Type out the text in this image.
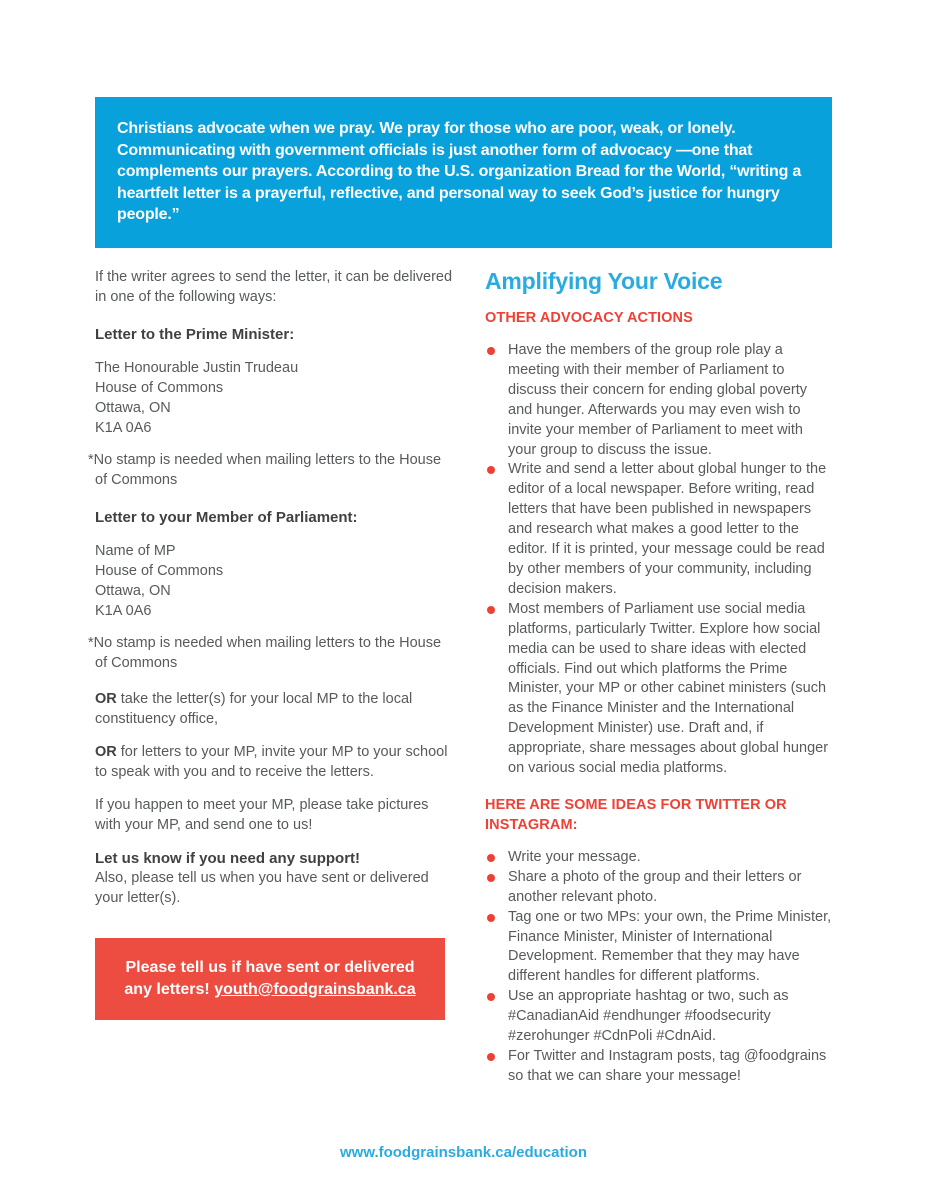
Christians advocate when we pray. We pray for those who are poor, weak, or lonely. Communicating with government officials is just another form of advocacy —one that complements our prayers. According to the U.S. organization Bread for the World, “writing a heartfelt letter is a prayerful, reflective, and personal way to seek God’s justice for hungry people.”

If the writer agrees to send the letter, it can be delivered in one of the following ways:

Letter to the Prime Minister:
The Honourable Justin Trudeau
House of Commons
Ottawa, ON
K1A 0A6

*No stamp is needed when mailing letters to the House of Commons

Letter to your Member of Parliament:
Name of MP
House of Commons
Ottawa, ON
K1A 0A6

*No stamp is needed when mailing letters to the House of Commons

OR take the letter(s) for your local MP to the local constituency office,

OR for letters to your MP, invite your MP to your school to speak with you and to receive the letters.

If you happen to meet your MP, please take pictures with your MP, and send one to us!

Let us know if you need any support!

Also, please tell us when you have sent or delivered your letter(s).

Please tell us if have sent or delivered any letters! youth@foodgrainsbank.ca

Amplifying Your Voice
OTHER ADVOCACY ACTIONS
Have the members of the group role play a meeting with their member of Parliament to discuss their concern for ending global poverty and hunger. Afterwards you may even wish to invite your member of Parliament to meet with your group to discuss the issue.
Write and send a letter about global hunger to the editor of a local newspaper. Before writing, read letters that have been published in newspapers and research what makes a good letter to the editor. If it is printed, your message could be read by other members of your community, including decision makers.
Most members of Parliament use social media platforms, particularly Twitter. Explore how social media can be used to share ideas with elected officials. Find out which platforms the Prime Minister, your MP or other cabinet ministers (such as the Finance Minister and the International Development Minister) use. Draft and, if appropriate, share messages about global hunger on various social media platforms.
HERE ARE SOME IDEAS FOR TWITTER OR INSTAGRAM:
Write your message.
Share a photo of the group and their letters or another relevant photo.
Tag one or two MPs: your own, the Prime Minister, Finance Minister, Minister of International Development. Remember that they may have different handles for different platforms.
Use an appropriate hashtag or two, such as #CanadianAid #endhunger #foodsecurity #zerohunger #CdnPoli #CdnAid.
For Twitter and Instagram posts, tag @foodgrains so that we can share your message!
www.foodgrainsbank.ca/education
